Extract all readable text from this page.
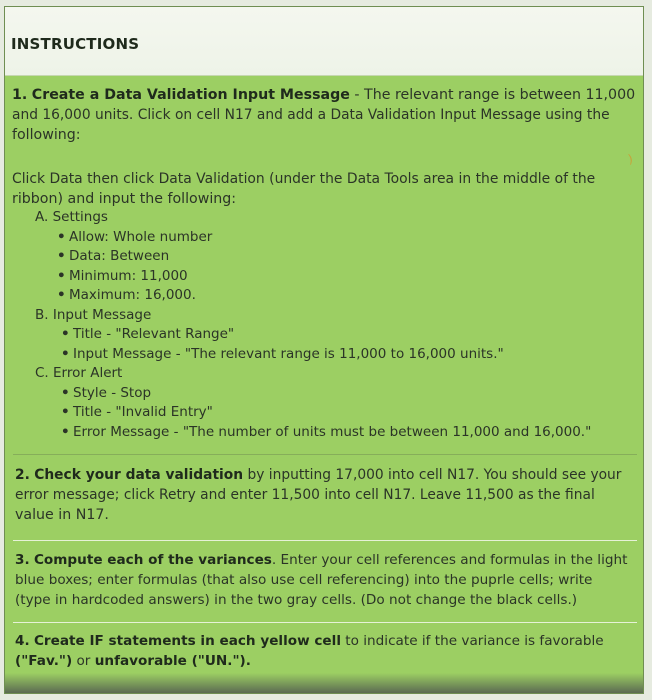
INSTRUCTIONS
1. Create a Data Validation Input Message - The relevant range is between 11,000
and 16,000 units. Click on cell N17 and add a Data Validation Input Message using the
following:
)
Click Data then click Data Validation (under the Data Tools area in the middle of the
ribbon) and input the following:
A. Settings
• Allow: Whole number
• Data: Between
• Minimum: 11,000
• Maximum: 16,000.
B. Input Message
• Title - "Relevant Range"
• Input Message - "The relevant range is 11,000 to 16,000 units."
C. Error Alert
• Style - Stop
• Title - "Invalid Entry"
• Error Message - "The number of units must be between 11,000 and 16,000."
2. Check your data validation by inputting 17,000 into cell N17. You should see your
error message; click Retry and enter 11,500 into cell N17. Leave 11,500 as the final
value in N17.
3. Compute each of the variances. Enter your cell references and formulas in the light
blue boxes; enter formulas (that also use cell referencing) into the puprle cells; write
(type in hardcoded answers) in the two gray cells. (Do not change the black cells.)
4. Create IF statements in each yellow cell to indicate if the variance is favorable
("Fav.") or unfavorable ("UN.").
